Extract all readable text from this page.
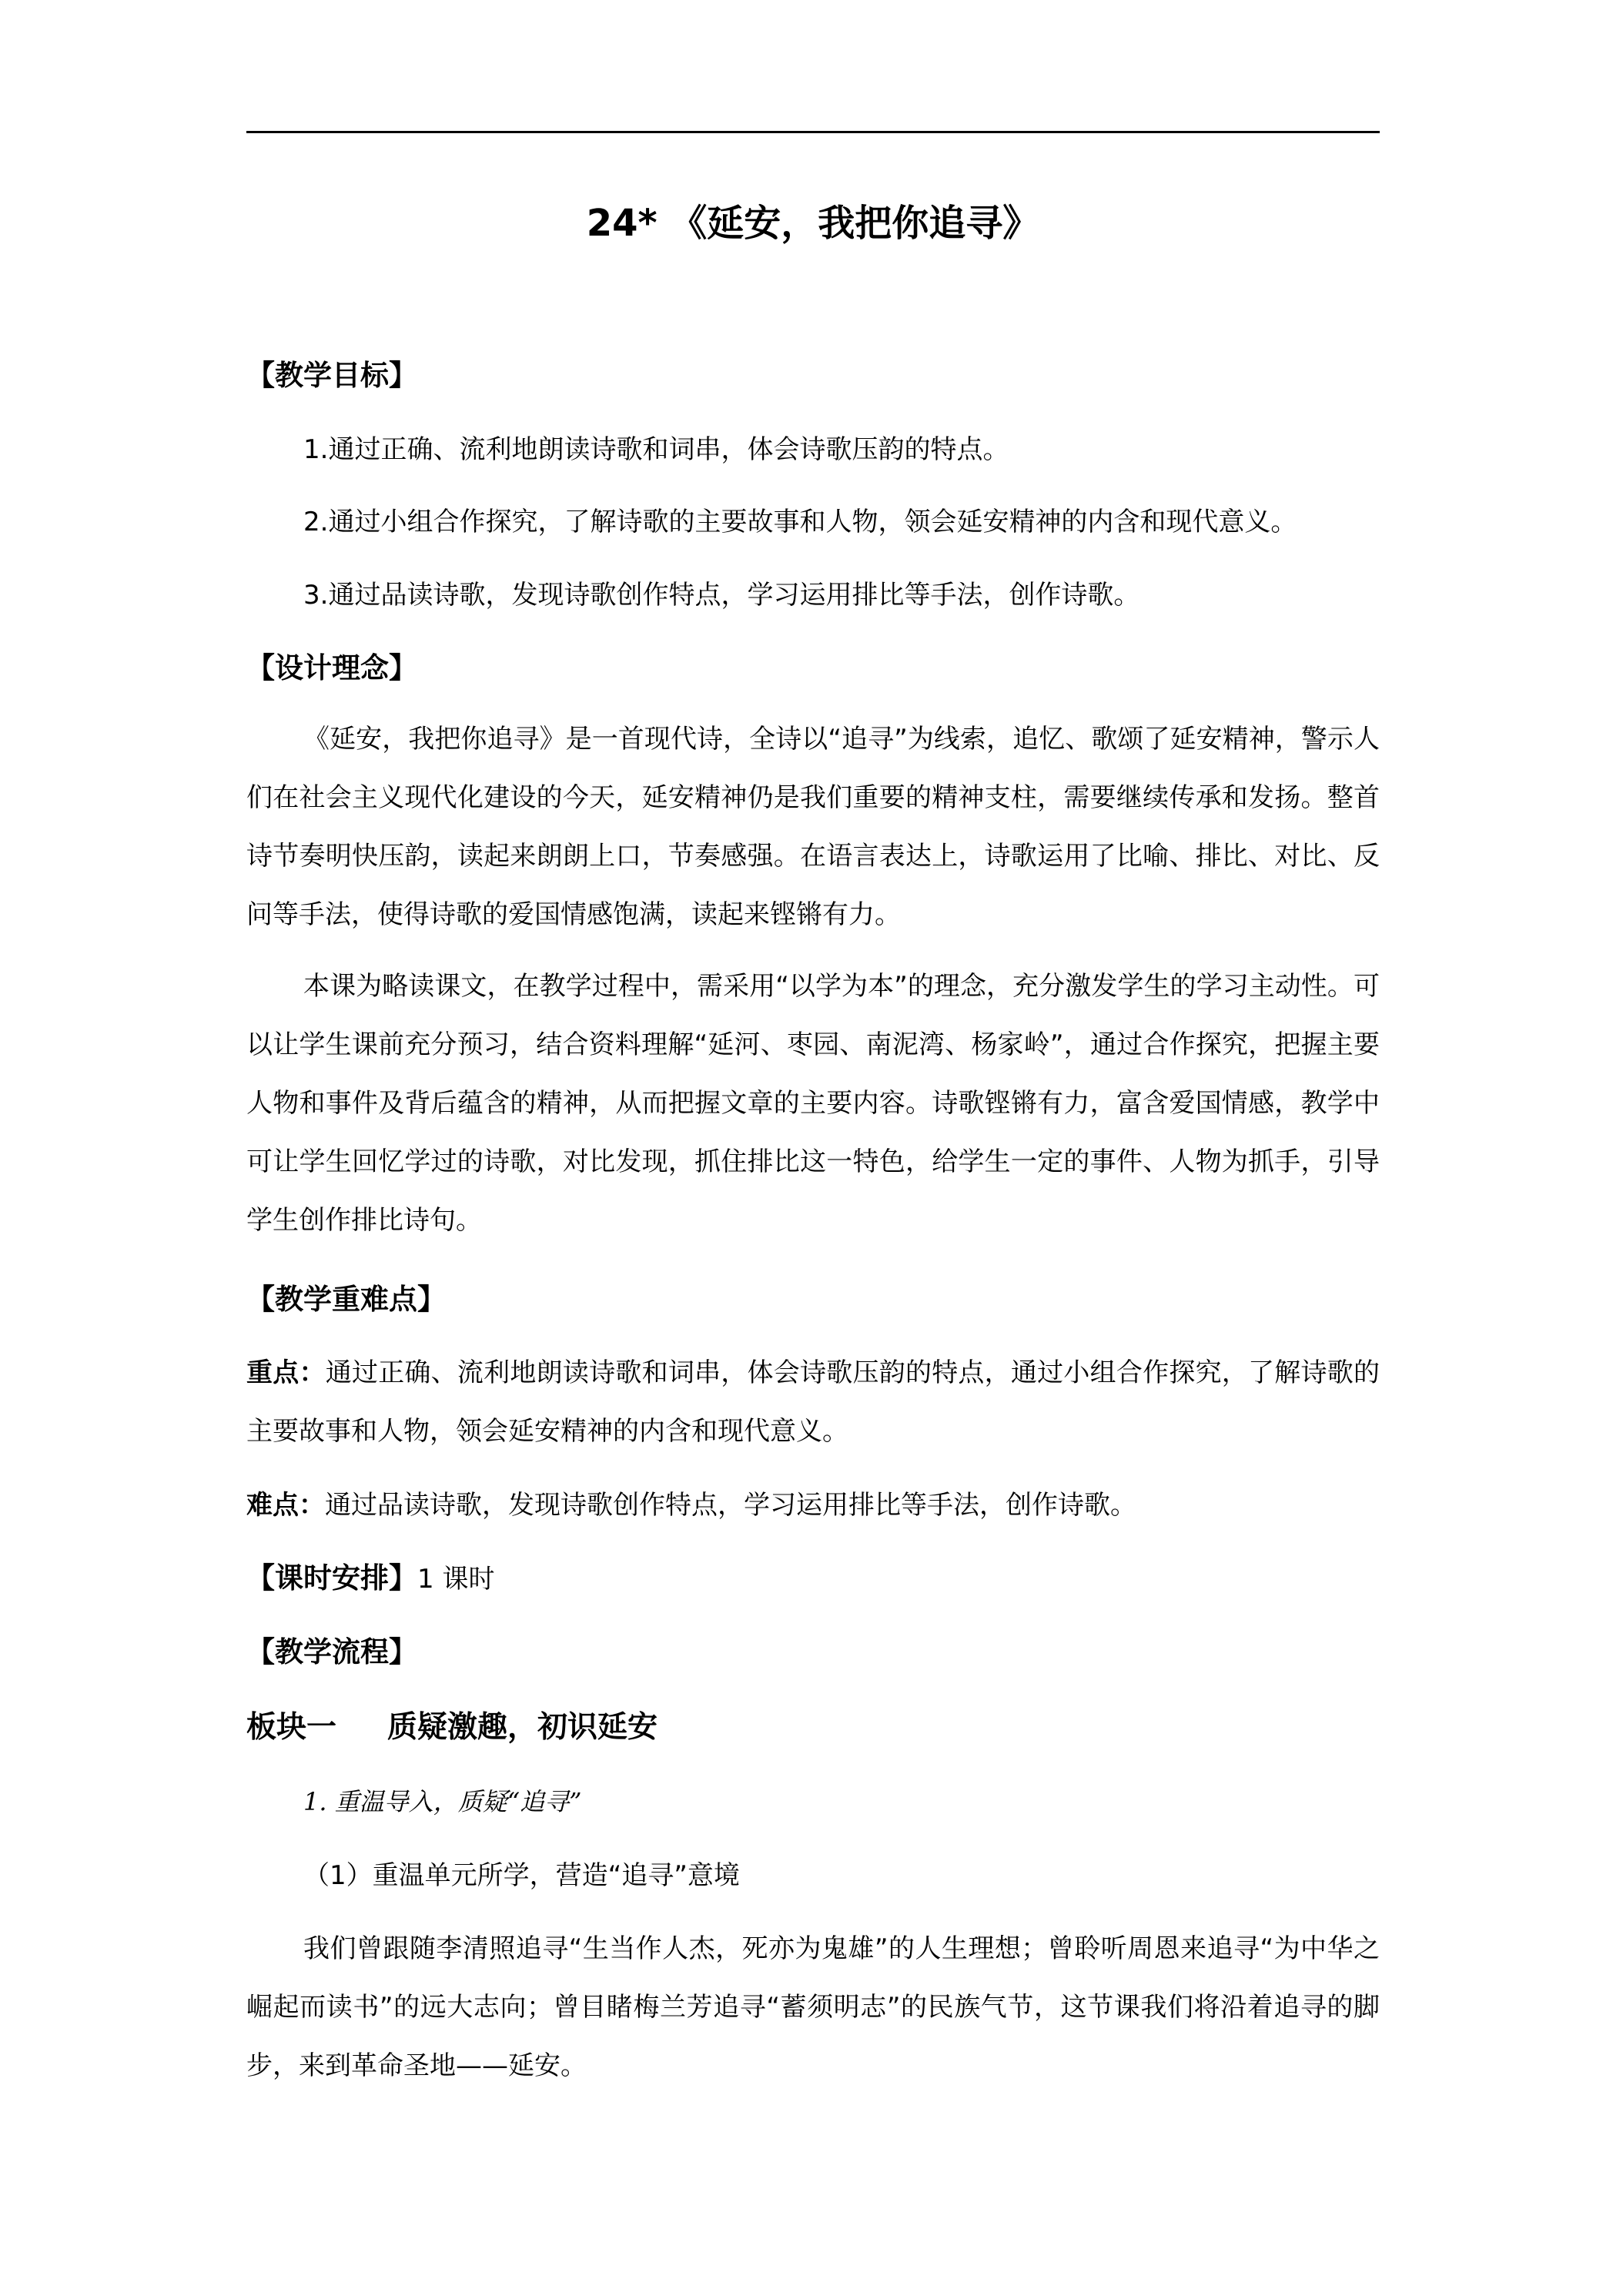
24* 《延安，我把你追寻》
【教学目标】
1.通过正确、流利地朗读诗歌和词串，体会诗歌压韵的特点。
2.通过小组合作探究，了解诗歌的主要故事和人物，领会延安精神的内含和现代意义。
3.通过品读诗歌，发现诗歌创作特点，学习运用排比等手法，创作诗歌。
【设计理念】

《延安，我把你追寻》是一首现代诗，全诗以“追寻”为线索，追忆、歌颂了延安精神，警示人们在社会主义现代化建设的今天，延安精神仍是我们重要的精神支柱，需要继续传承和发扬。整首诗节奏明快压韵，读起来朗朗上口，节奏感强。在语言表达上，诗歌运用了比喻、排比、对比、反问等手法，使得诗歌的爱国情感饱满，读起来铿锵有力。

本课为略读课文，在教学过程中，需采用“以学为本”的理念，充分激发学生的学习主动性。可以让学生课前充分预习，结合资料理解“延河、枣园、南泥湾、杨家岭”，通过合作探究，把握主要人物和事件及背后蕴含的精神，从而把握文章的主要内容。诗歌铿锵有力，富含爱国情感，教学中可让学生回忆学过的诗歌，对比发现，抓住排比这一特色，给学生一定的事件、人物为抓手，引导学生创作排比诗句。

【教学重难点】

重点：通过正确、流利地朗读诗歌和词串，体会诗歌压韵的特点，通过小组合作探究，了解诗歌的主要故事和人物，领会延安精神的内含和现代意义。

难点：通过品读诗歌，发现诗歌创作特点，学习运用排比等手法，创作诗歌。

【课时安排】1 课时
【教学流程】
板块一 质疑激趣，初识延安
1. 重温导入，质疑“追寻”
（1）重温单元所学，营造“追寻”意境

我们曾跟随李清照追寻“生当作人杰，死亦为鬼雄”的人生理想；曾聆听周恩来追寻“为中华之崛起而读书”的远大志向；曾目睹梅兰芳追寻“蓄须明志”的民族气节，这节课我们将沿着追寻的脚步，来到革命圣地——延安。
